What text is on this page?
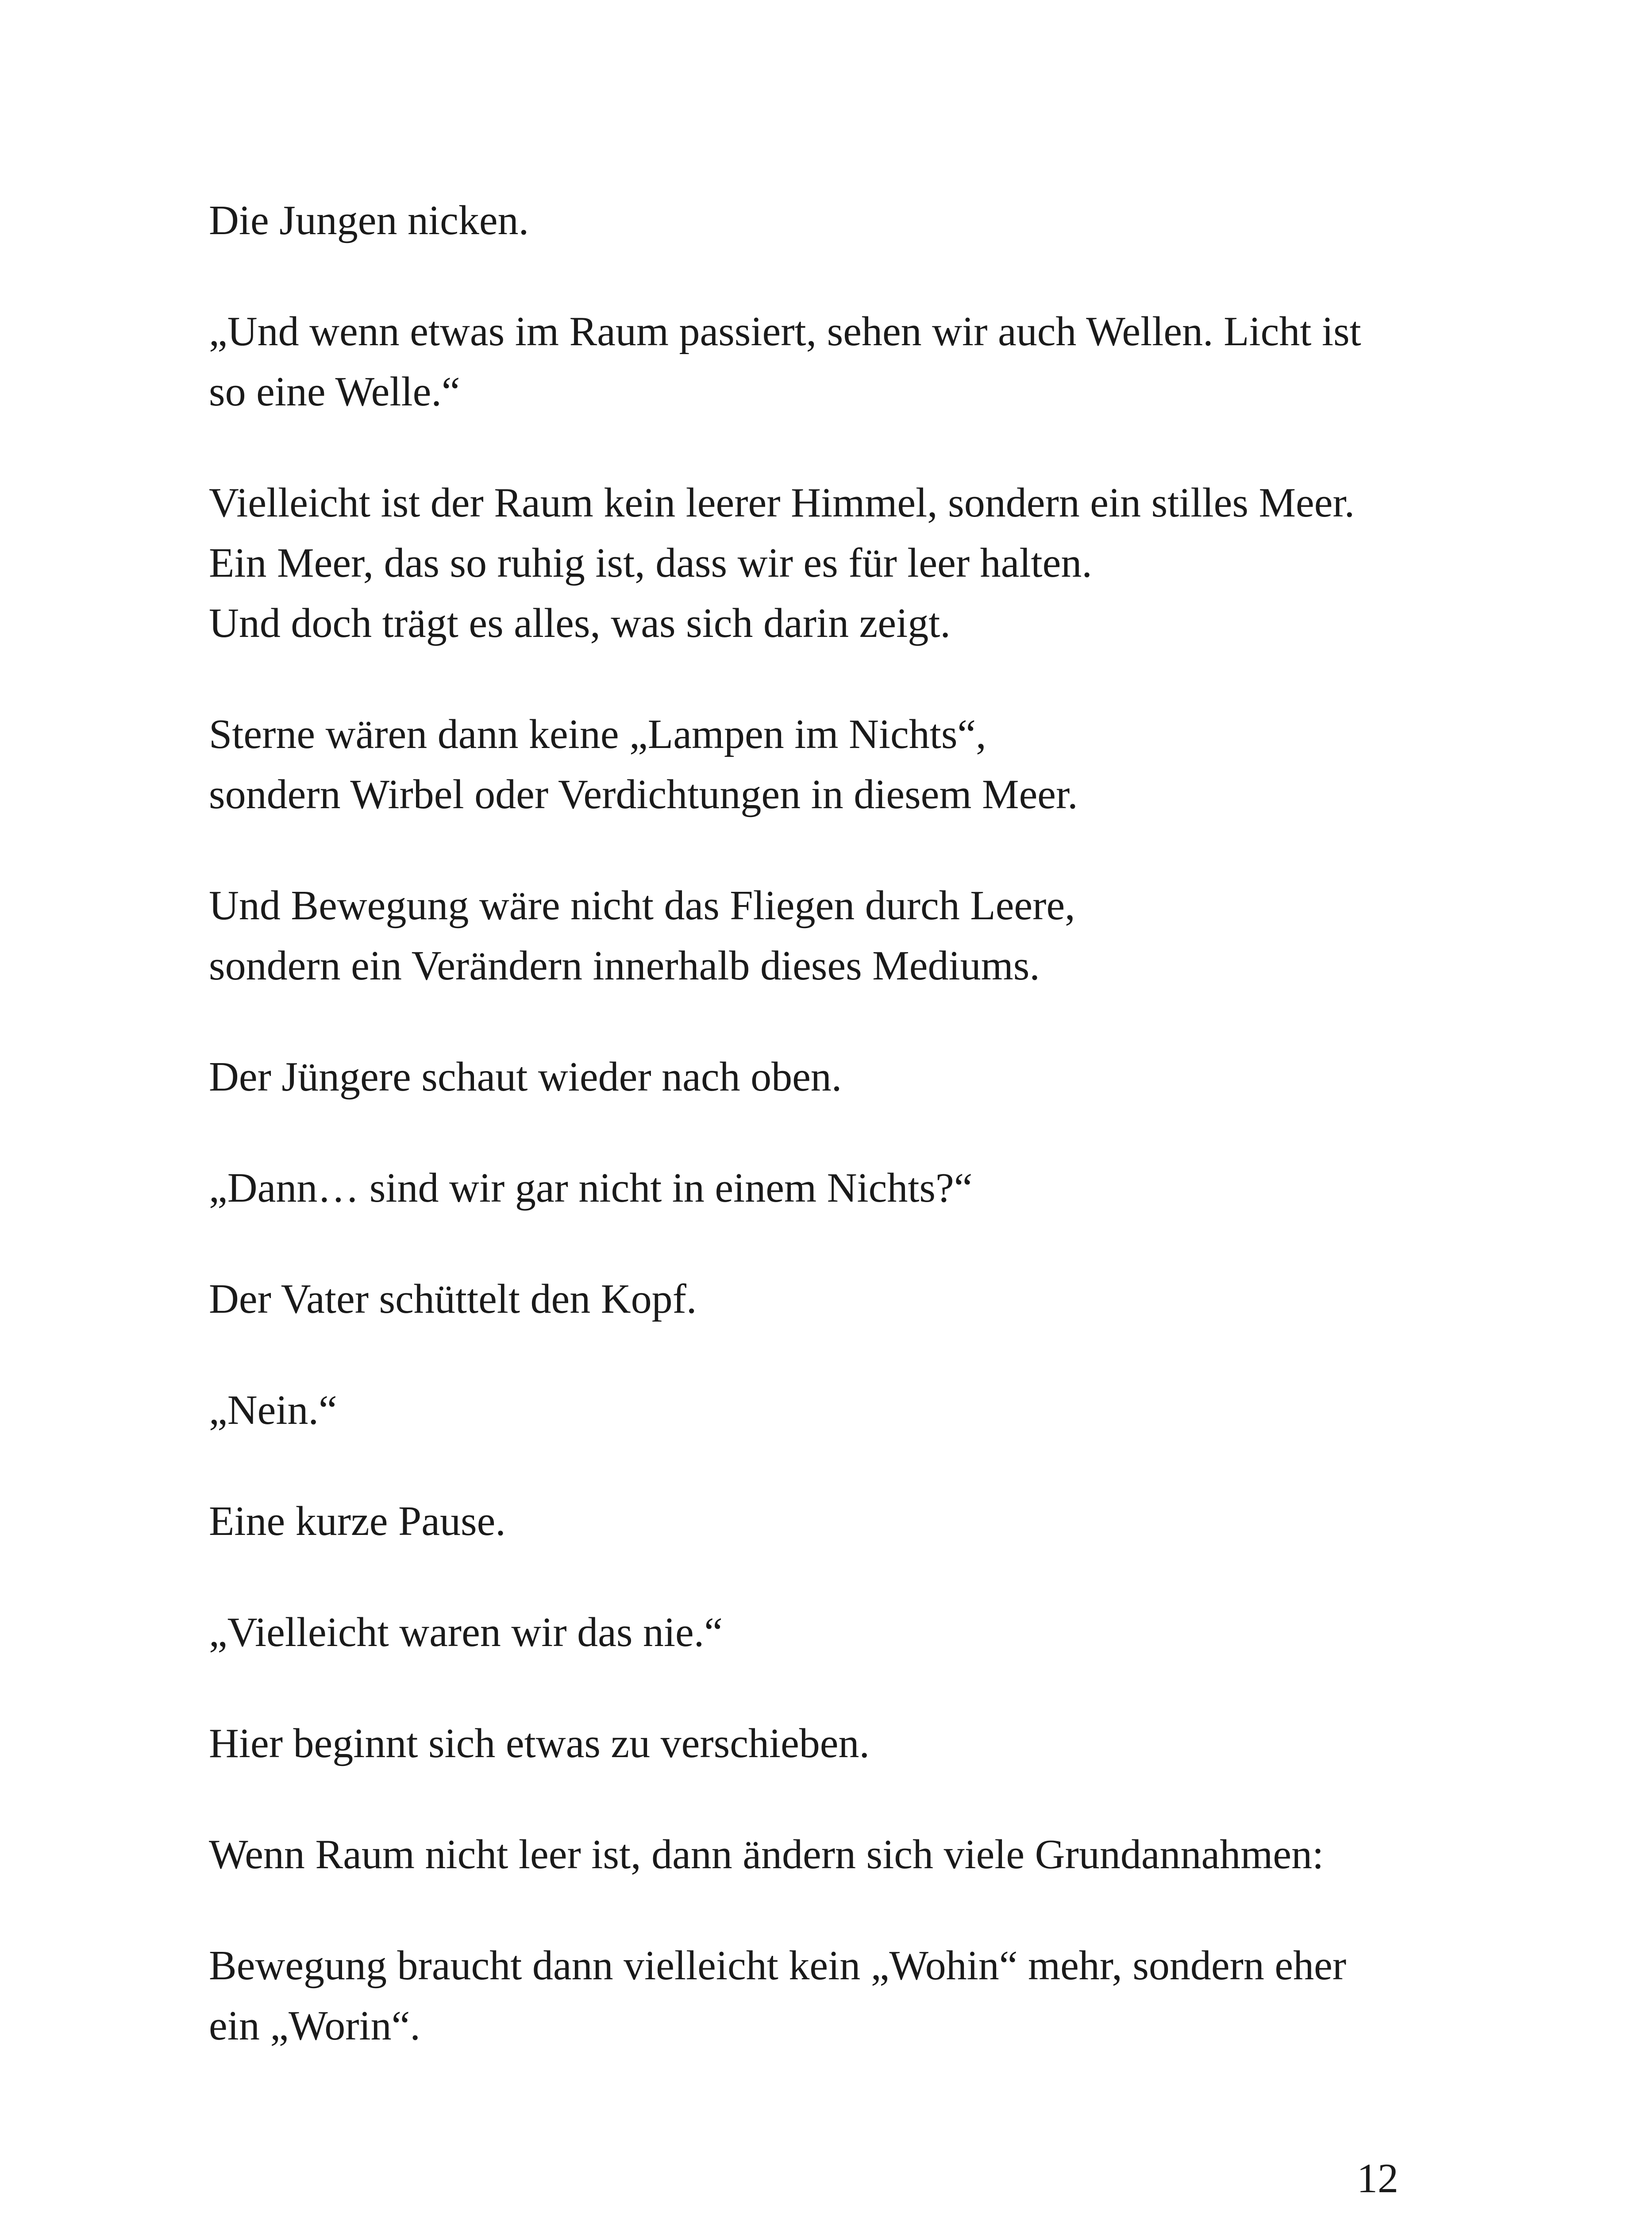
Die Jungen nicken.

„Und wenn etwas im Raum passiert, sehen wir auch Wellen. Licht ist
so eine Welle.“

Vielleicht ist der Raum kein leerer Himmel, sondern ein stilles Meer.
Ein Meer, das so ruhig ist, dass wir es für leer halten.
Und doch trägt es alles, was sich darin zeigt.

Sterne wären dann keine „Lampen im Nichts“,
sondern Wirbel oder Verdichtungen in diesem Meer.

Und Bewegung wäre nicht das Fliegen durch Leere,
sondern ein Verändern innerhalb dieses Mediums.

Der Jüngere schaut wieder nach oben.

„Dann… sind wir gar nicht in einem Nichts?“

Der Vater schüttelt den Kopf.

„Nein.“

Eine kurze Pause.

„Vielleicht waren wir das nie.“

Hier beginnt sich etwas zu verschieben.

Wenn Raum nicht leer ist, dann ändern sich viele Grundannahmen:

Bewegung braucht dann vielleicht kein „Wohin“ mehr, sondern eher
ein „Worin“.

12
